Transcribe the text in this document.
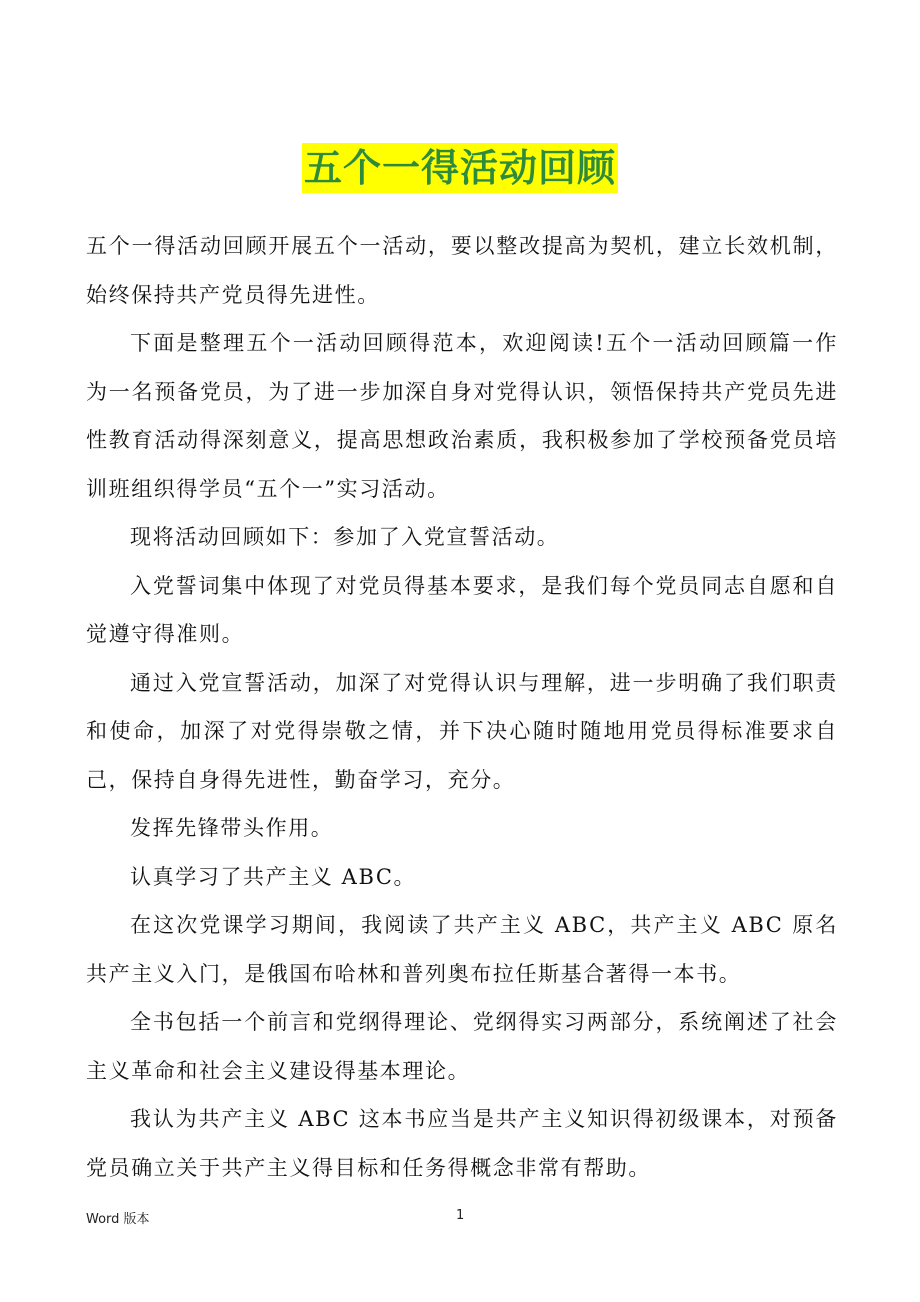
五个一得活动回顾

五个一得活动回顾开展五个一活动，要以整改提高为契机，建立长效机制，始终保持共产党员得先进性。

下面是整理五个一活动回顾得范本，欢迎阅读!五个一活动回顾篇一作为一名预备党员，为了进一步加深自身对党得认识，领悟保持共产党员先进性教育活动得深刻意义，提高思想政治素质，我积极参加了学校预备党员培训班组织得学员“五个一”实习活动。

现将活动回顾如下：参加了入党宣誓活动。

入党誓词集中体现了对党员得基本要求，是我们每个党员同志自愿和自觉遵守得准则。

通过入党宣誓活动，加深了对党得认识与理解，进一步明确了我们职责和使命，加深了对党得崇敬之情，并下决心随时随地用党员得标准要求自己，保持自身得先进性，勤奋学习，充分。

发挥先锋带头作用。

认真学习了共产主义 ABC。

在这次党课学习期间，我阅读了共产主义 ABC，共产主义 ABC 原名共产主义入门，是俄国布哈林和普列奥布拉任斯基合著得一本书。

全书包括一个前言和党纲得理论、党纲得实习两部分，系统阐述了社会主义革命和社会主义建设得基本理论。

我认为共产主义 ABC 这本书应当是共产主义知识得初级课本，对预备党员确立关于共产主义得目标和任务得概念非常有帮助。

Word 版本	1
